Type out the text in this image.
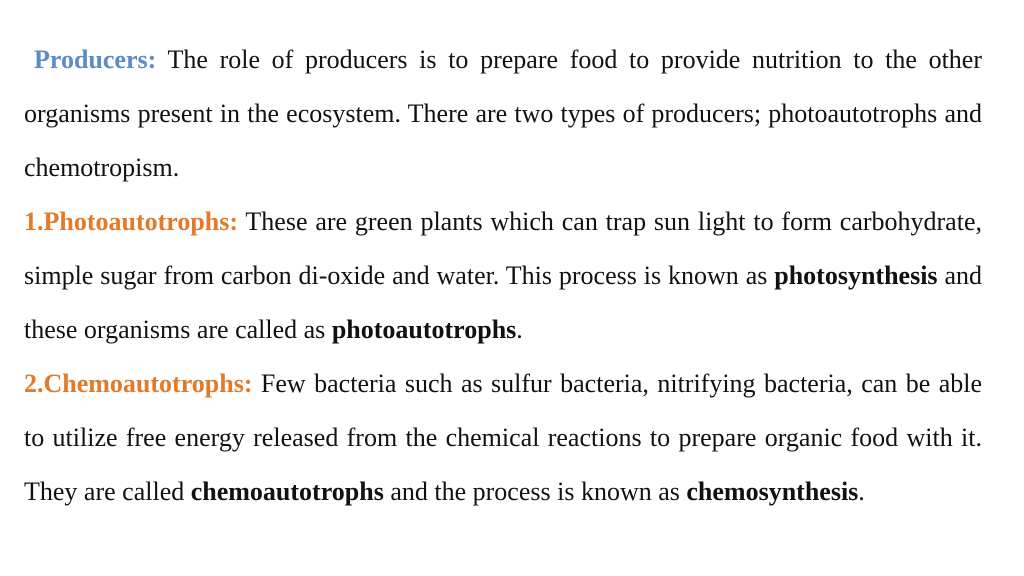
Producers: The role of producers is to prepare food to provide nutrition to the other organisms present in the ecosystem. There are two types of producers; photoautotrophs and chemotropism.

1.Photoautotrophs: These are green plants which can trap sun light to form carbohydrate, simple sugar from carbon di-oxide and water. This process is known as photosynthesis and these organisms are called as photoautotrophs.

2.Chemoautotrophs: Few bacteria such as sulfur bacteria, nitrifying bacteria, can be able to utilize free energy released from the chemical reactions to prepare organic food with it. They are called chemoautotrophs and the process is known as chemosynthesis.
